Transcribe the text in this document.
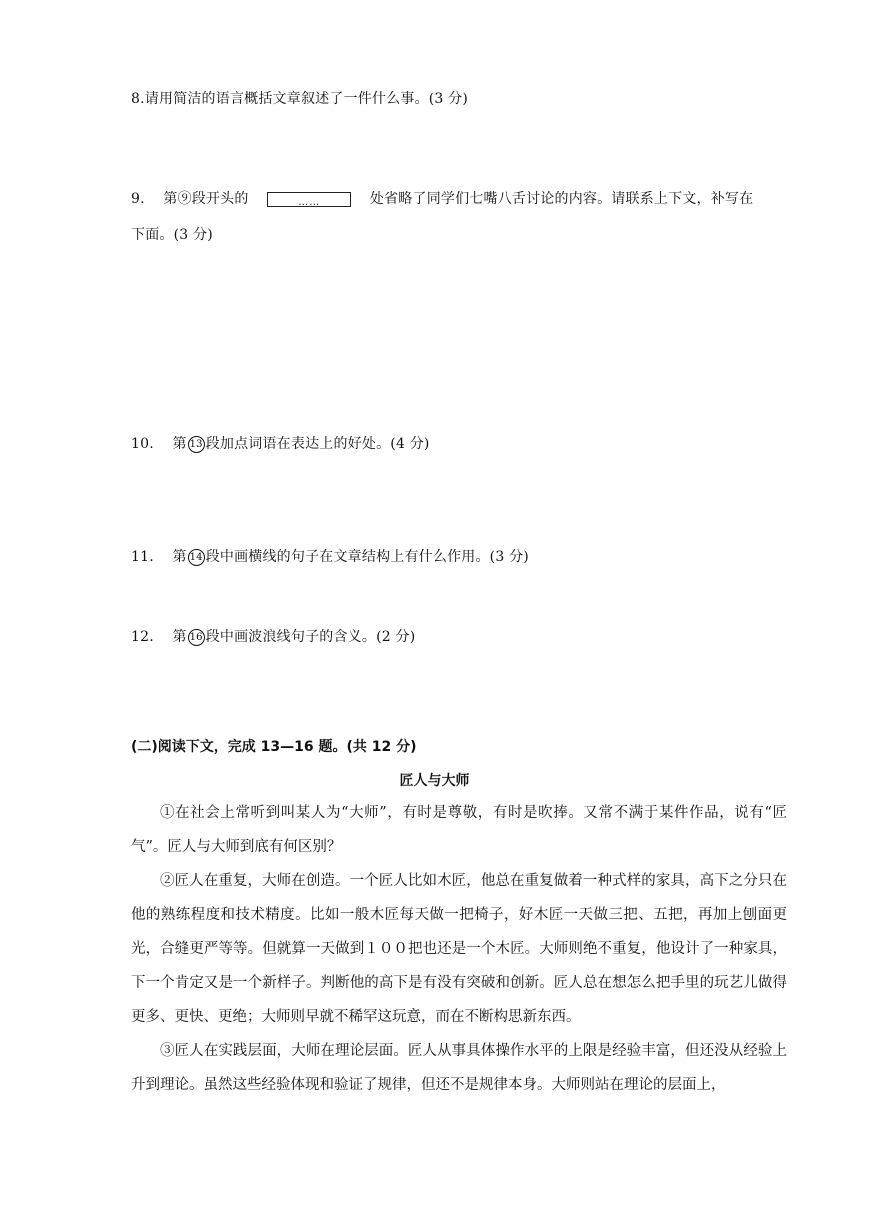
8.请用简洁的语言概括文章叙述了一件什么事。(3 分)
9. 第⑨段开头的	……	处省略了同学们七嘴八舌讨论的内容。请联系上下文，补写在
下面。(3 分)
10. 第 13 段加点词语在表达上的好处。(4 分)
11. 第 14 段中画横线的句子在文章结构上有什么作用。(3 分)
12. 第 16 段中画波浪线句子的含义。(2 分)
(二)阅读下文，完成 13—16 题。(共 12 分)
匠人与大师

①在社会上常听到叫某人为“大师”，有时是尊敬，有时是吹捧。又常不满于某件作品，说有“匠气”。匠人与大师到底有何区别？

②匠人在重复，大师在创造。一个匠人比如木匠，他总在重复做着一种式样的家具，高下之分只在他的熟练程度和技术精度。比如一般木匠每天做一把椅子，好木匠一天做三把、五把，再加上刨面更光，合缝更严等等。但就算一天做到１００把也还是一个木匠。大师则绝不重复，他设计了一种家具，下一个肯定又是一个新样子。判断他的高下是有没有突破和创新。匠人总在想怎么把手里的玩艺儿做得更多、更快、更绝；大师则早就不稀罕这玩意，而在不断构思新东西。

③匠人在实践层面，大师在理论层面。匠人从事具体操作水平的上限是经验丰富，但还没从经验上升到理论。虽然这些经验体现和验证了规律，但还不是规律本身。大师则站在理论的层面上，
